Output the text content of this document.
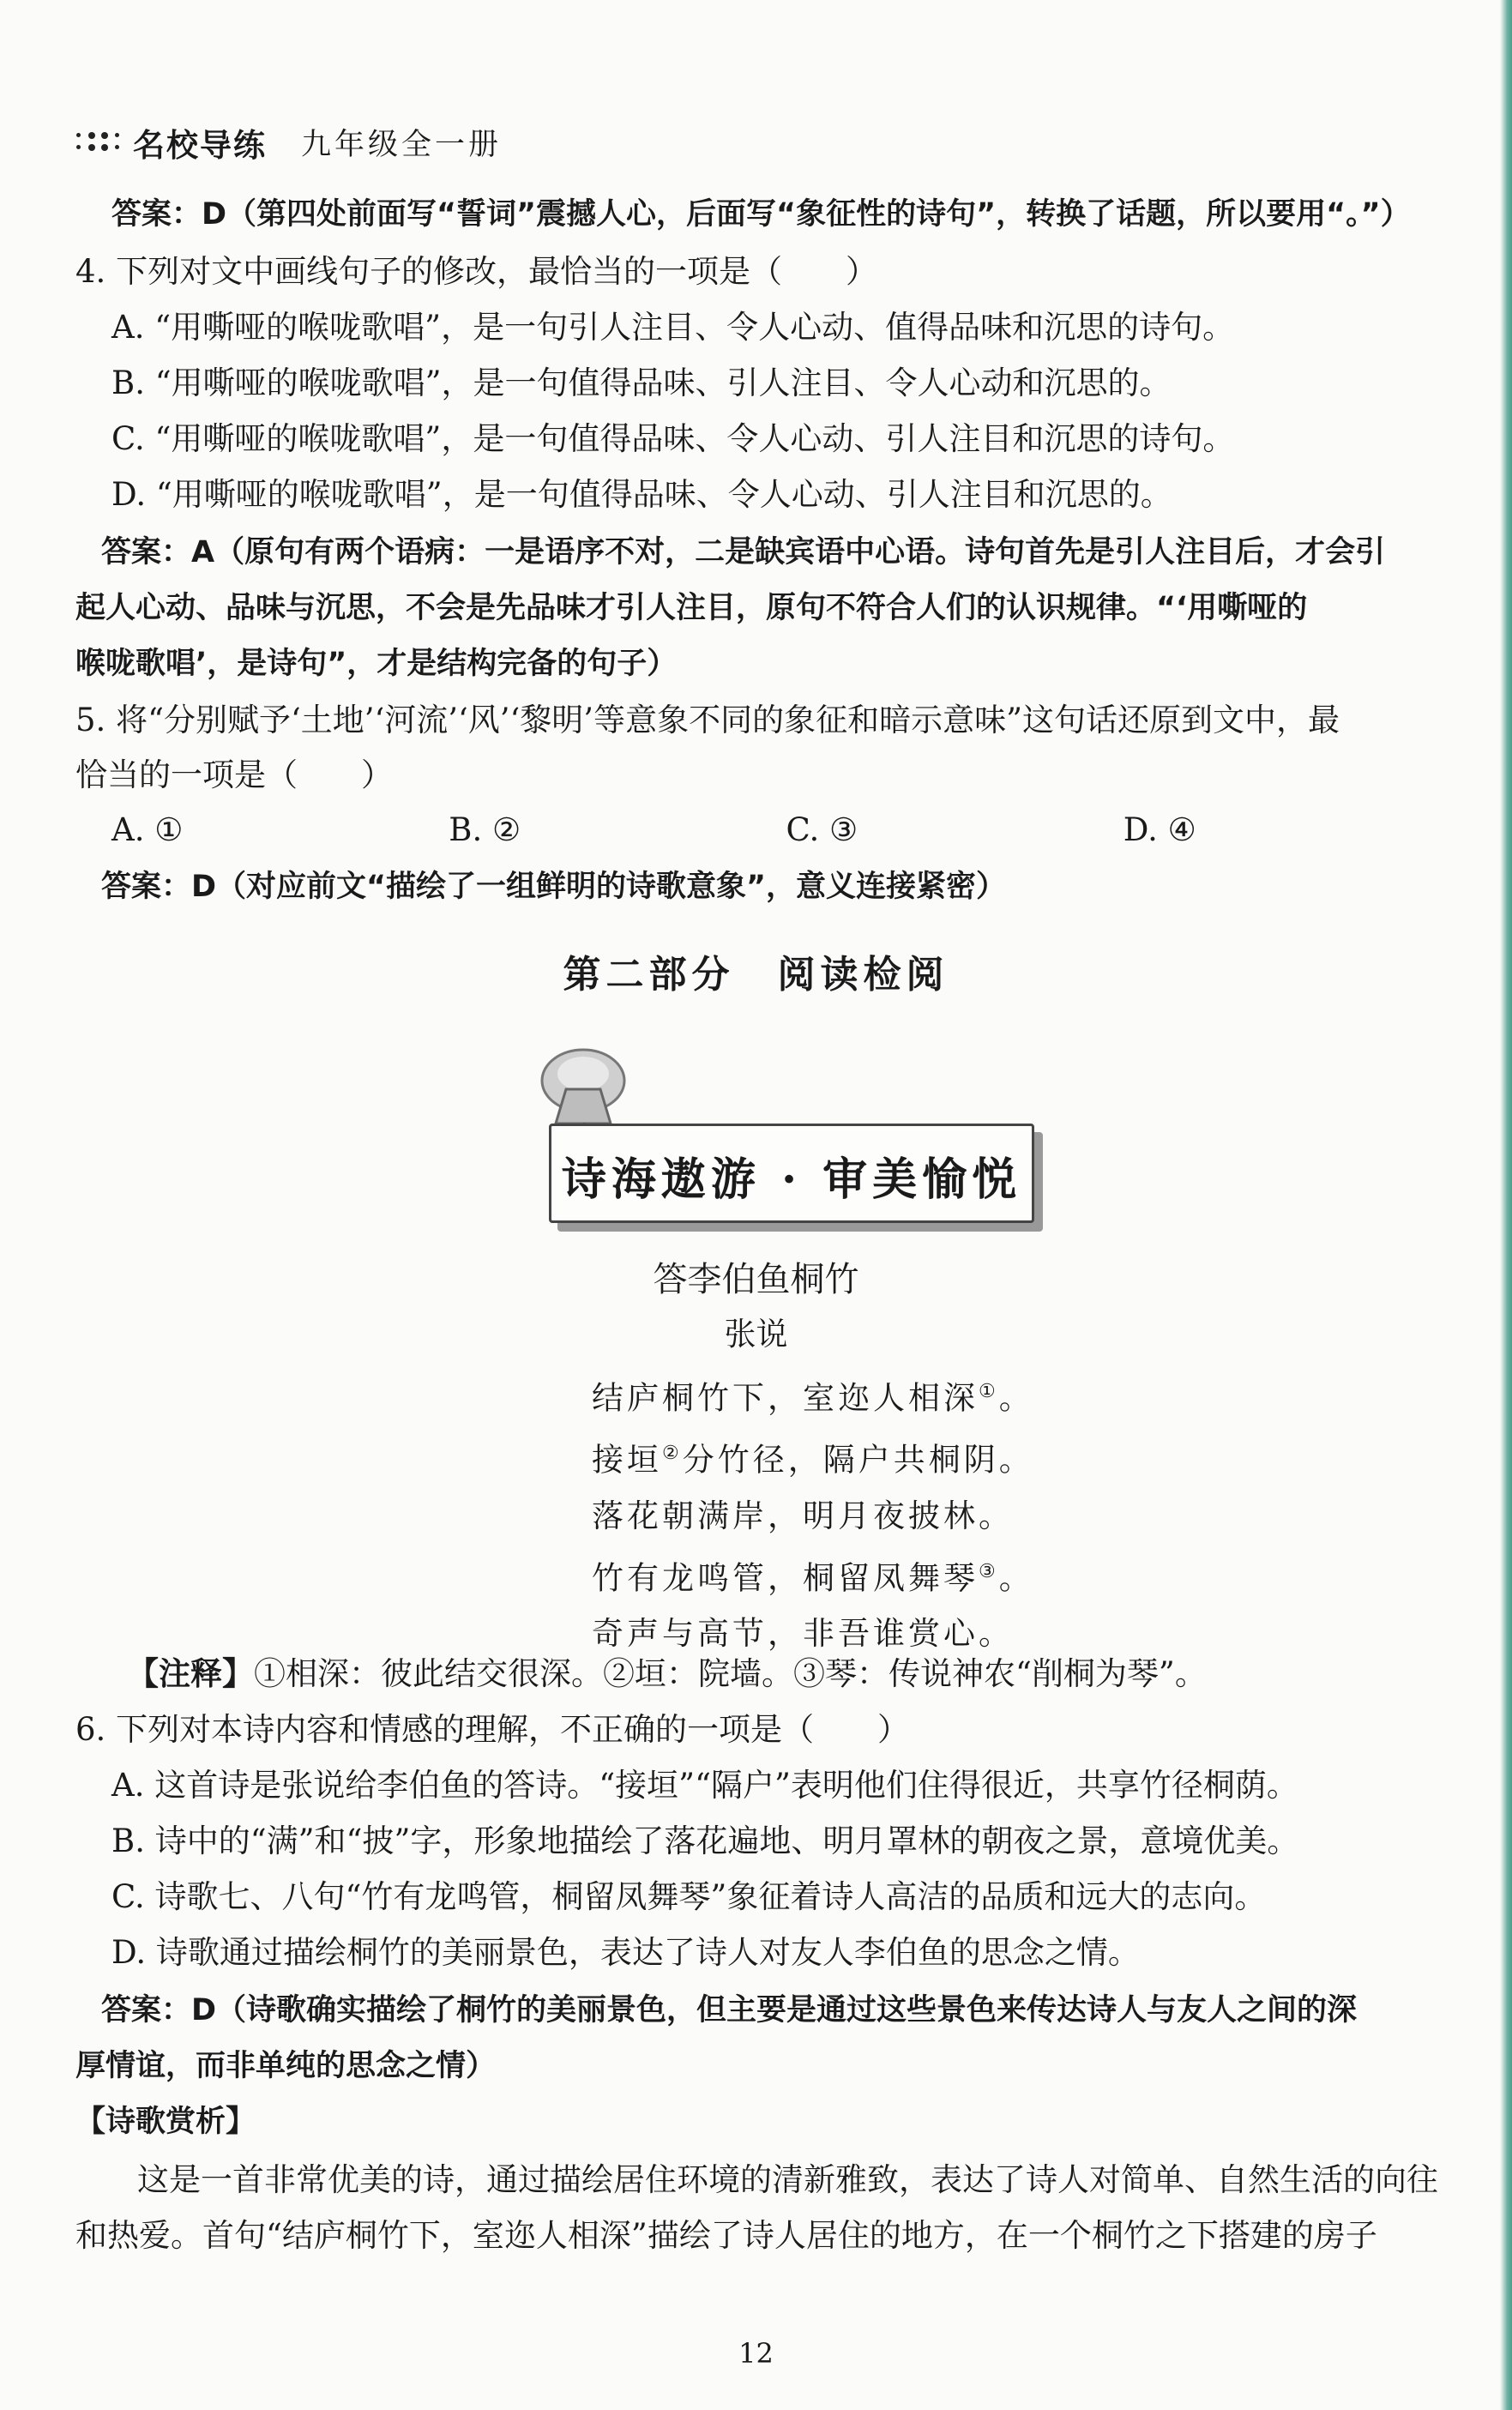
名校导练 九年级全一册
答案：D（第四处前面写“誓词”震撼人心，后面写“象征性的诗句”，转换了话题，所以要用“。”）
4. 下列对文中画线句子的修改，最恰当的一项是（　　）
A. “用嘶哑的喉咙歌唱”，是一句引人注目、令人心动、值得品味和沉思的诗句。
B. “用嘶哑的喉咙歌唱”，是一句值得品味、引人注目、令人心动和沉思的。
C. “用嘶哑的喉咙歌唱”，是一句值得品味、令人心动、引人注目和沉思的诗句。
D. “用嘶哑的喉咙歌唱”，是一句值得品味、令人心动、引人注目和沉思的。
答案：A（原句有两个语病：一是语序不对，二是缺宾语中心语。诗句首先是引人注目后，才会引
起人心动、品味与沉思，不会是先品味才引人注目，原句不符合人们的认识规律。“‘用嘶哑的
喉咙歌唱’，是诗句”，才是结构完备的句子）
5. 将“分别赋予‘土地’‘河流’‘风’‘黎明’等意象不同的象征和暗示意味”这句话还原到文中，最
恰当的一项是（　　）
A. ①	B. ②	C. ③	D. ④
答案：D（对应前文“描绘了一组鲜明的诗歌意象”，意义连接紧密）
第二部分　阅读检阅
诗海遨游 · 审美愉悦
答李伯鱼桐竹
张说
结庐桐竹下，室迩人相深①。
接垣②分竹径，隔户共桐阴。
落花朝满岸，明月夜披林。
竹有龙鸣管，桐留凤舞琴③。
奇声与高节，非吾谁赏心。
【注释】①相深：彼此结交很深。②垣：院墙。③琴：传说神农“削桐为琴”。
6. 下列对本诗内容和情感的理解，不正确的一项是（　　）
A. 这首诗是张说给李伯鱼的答诗。“接垣”“隔户”表明他们住得很近，共享竹径桐荫。
B. 诗中的“满”和“披”字，形象地描绘了落花遍地、明月罩林的朝夜之景，意境优美。
C. 诗歌七、八句“竹有龙鸣管，桐留凤舞琴”象征着诗人高洁的品质和远大的志向。
D. 诗歌通过描绘桐竹的美丽景色，表达了诗人对友人李伯鱼的思念之情。
答案：D（诗歌确实描绘了桐竹的美丽景色，但主要是通过这些景色来传达诗人与友人之间的深
厚情谊，而非单纯的思念之情）
【诗歌赏析】
这是一首非常优美的诗，通过描绘居住环境的清新雅致，表达了诗人对简单、自然生活的向往
和热爱。首句“结庐桐竹下，室迩人相深”描绘了诗人居住的地方，在一个桐竹之下搭建的房子
12
